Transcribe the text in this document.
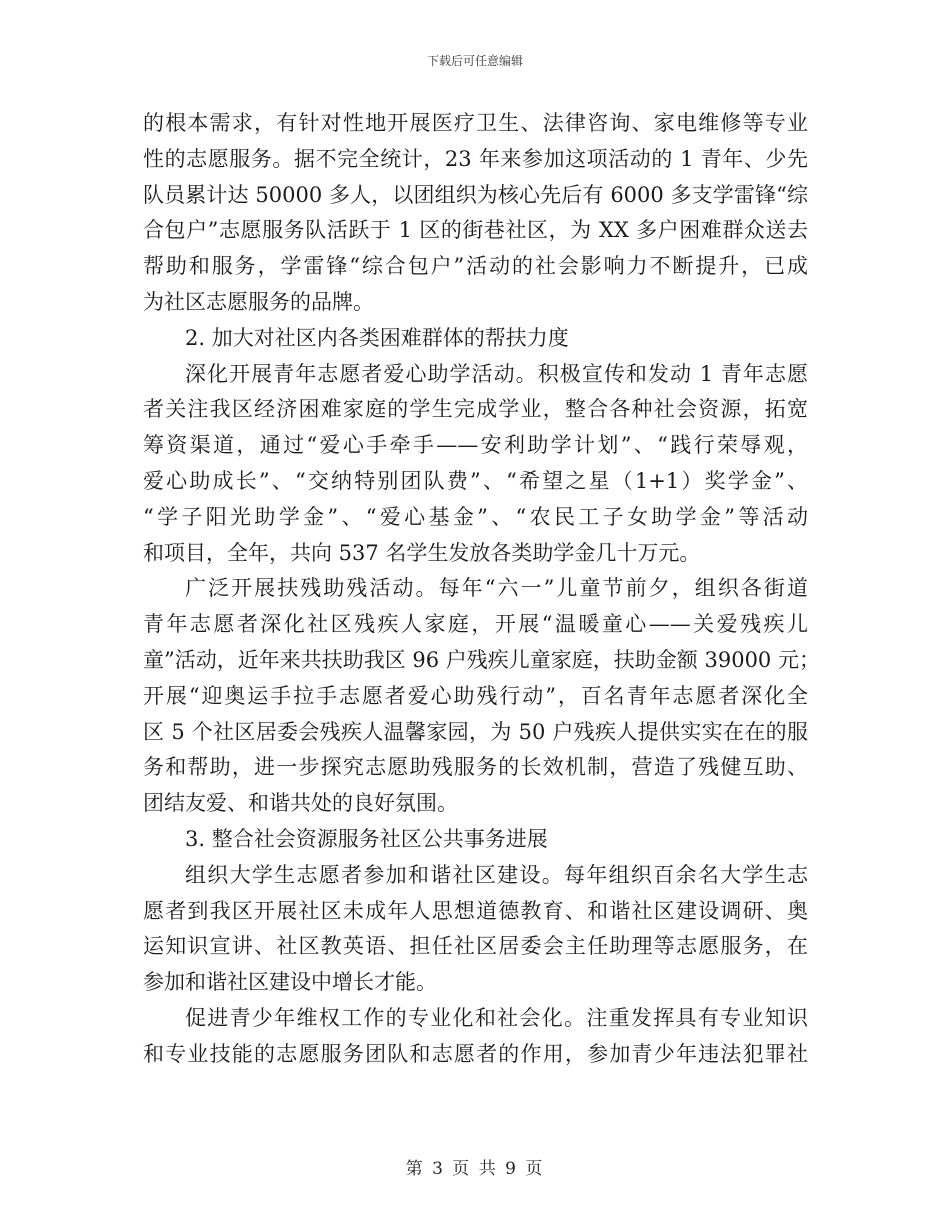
下载后可任意编辑
的根本需求，有针对性地开展医疗卫生、法律咨询、家电维修等专业
性的志愿服务。据不完全统计，23 年来参加这项活动的 1 青年、少先
队员累计达 50000 多人，以团组织为核心先后有 6000 多支学雷锋“综
合包户”志愿服务队活跃于 1 区的街巷社区，为 XX 多户困难群众送去
帮助和服务，学雷锋“综合包户”活动的社会影响力不断提升，已成
为社区志愿服务的品牌。
2. 加大对社区内各类困难群体的帮扶力度
深化开展青年志愿者爱心助学活动。积极宣传和发动 1 青年志愿
者关注我区经济困难家庭的学生完成学业，整合各种社会资源，拓宽
筹资渠道，通过“爱心手牵手——安利助学计划”、“践行荣辱观，
爱心助成长”、“交纳特别团队费”、“希望之星（1+1）奖学金”、
“学子阳光助学金”、“爱心基金”、“农民工子女助学金”等活动
和项目，全年，共向 537 名学生发放各类助学金几十万元。
广泛开展扶残助残活动。每年“六一”儿童节前夕，组织各街道
青年志愿者深化社区残疾人家庭，开展“温暖童心——关爱残疾儿
童”活动，近年来共扶助我区 96 户残疾儿童家庭，扶助金额 39000 元；
开展“迎奥运手拉手志愿者爱心助残行动”，百名青年志愿者深化全
区 5 个社区居委会残疾人温馨家园，为 50 户残疾人提供实实在在的服
务和帮助，进一步探究志愿助残服务的长效机制，营造了残健互助、
团结友爱、和谐共处的良好氛围。
3. 整合社会资源服务社区公共事务进展
组织大学生志愿者参加和谐社区建设。每年组织百余名大学生志
愿者到我区开展社区未成年人思想道德教育、和谐社区建设调研、奥
运知识宣讲、社区教英语、担任社区居委会主任助理等志愿服务，在
参加和谐社区建设中增长才能。
促进青少年维权工作的专业化和社会化。注重发挥具有专业知识
和专业技能的志愿服务团队和志愿者的作用，参加青少年违法犯罪社
第 3 页 共 9 页
